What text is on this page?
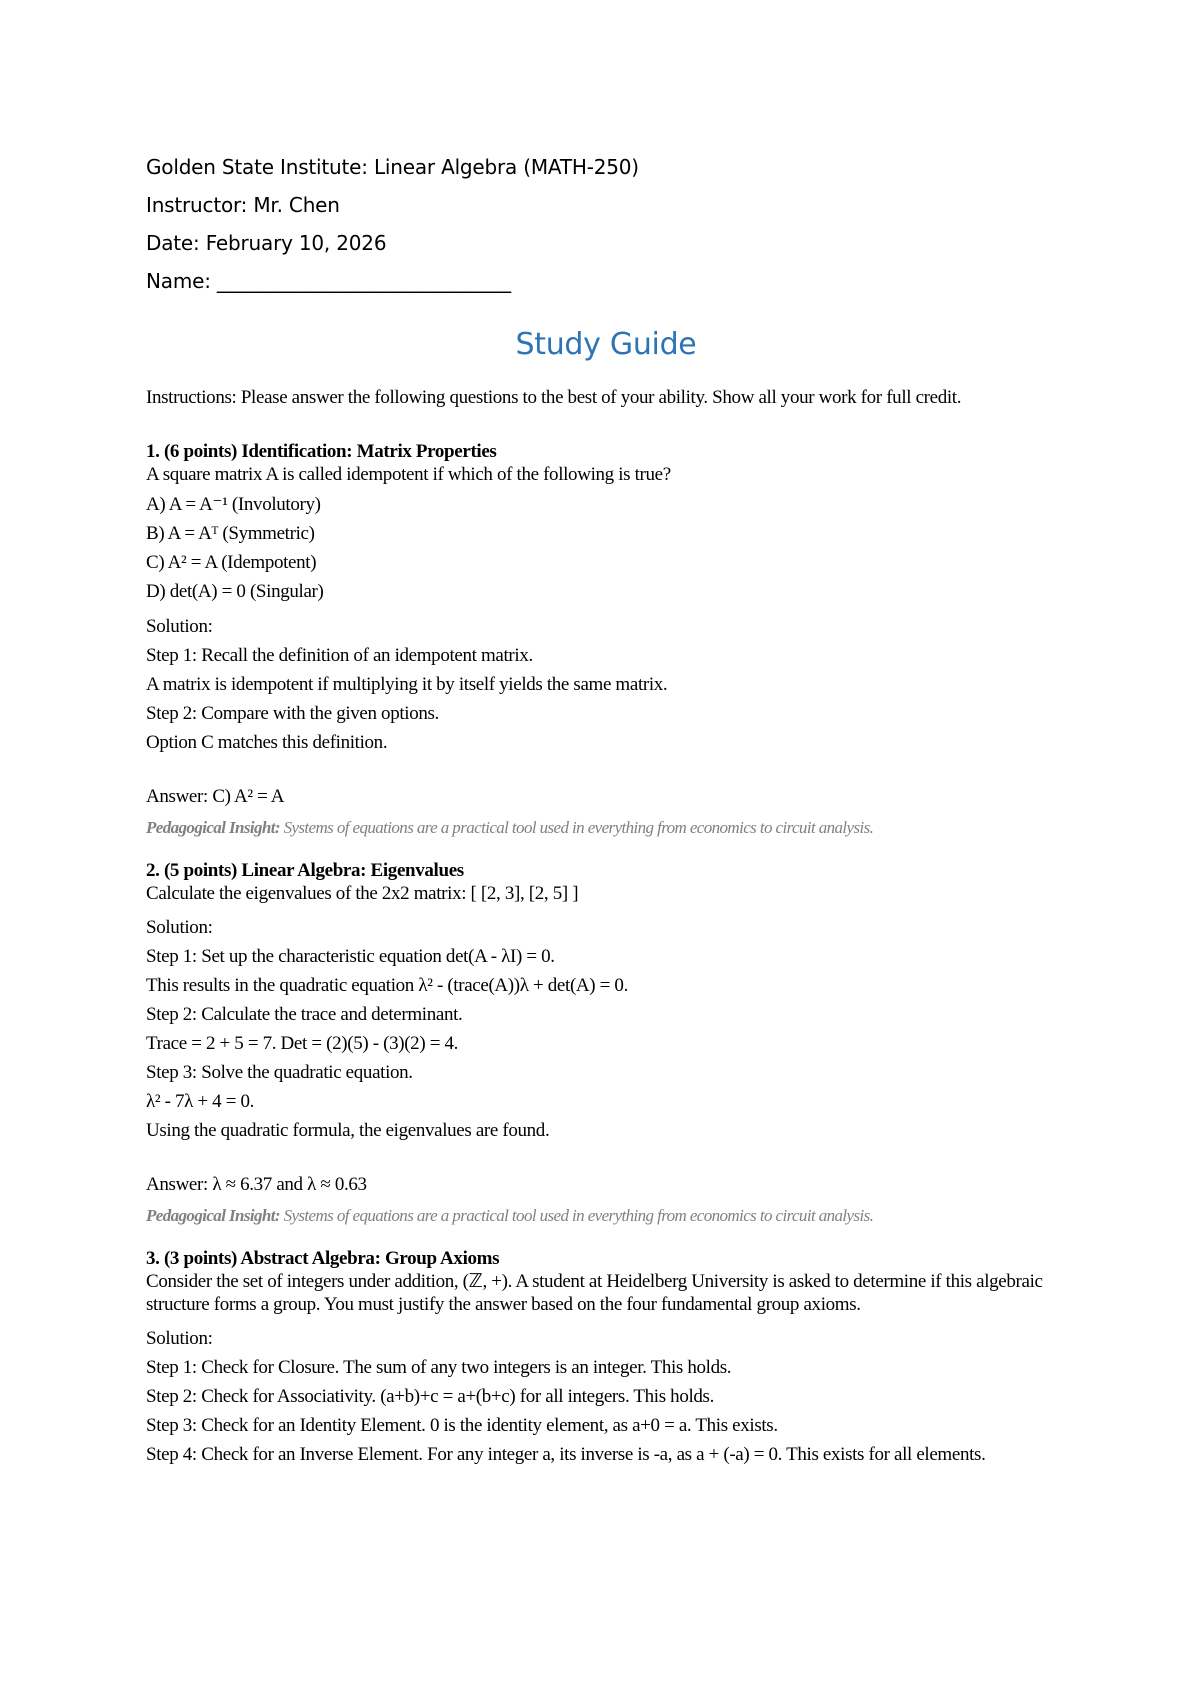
Golden State Institute: Linear Algebra (MATH-250)
Instructor: Mr. Chen
Date: February 10, 2026
Name: ______________________________
Study Guide
Instructions: Please answer the following questions to the best of your ability. Show all your work for full credit.
1. (6 points) Identification: Matrix Properties
A square matrix A is called idempotent if which of the following is true?
A) A = A⁻¹ (Involutory)
B) A = Aᵀ (Symmetric)
C) A² = A (Idempotent)
D) det(A) = 0 (Singular)
Solution:
Step 1: Recall the definition of an idempotent matrix.
A matrix is idempotent if multiplying it by itself yields the same matrix.
Step 2: Compare with the given options.
Option C matches this definition.
Answer: C) A² = A
Pedagogical Insight: Systems of equations are a practical tool used in everything from economics to circuit analysis.
2. (5 points) Linear Algebra: Eigenvalues
Calculate the eigenvalues of the 2x2 matrix: [ [2, 3], [2, 5] ]
Solution:
Step 1: Set up the characteristic equation det(A - λI) = 0.
This results in the quadratic equation λ² - (trace(A))λ + det(A) = 0.
Step 2: Calculate the trace and determinant.
Trace = 2 + 5 = 7. Det = (2)(5) - (3)(2) = 4.
Step 3: Solve the quadratic equation.
λ² - 7λ + 4 = 0.
Using the quadratic formula, the eigenvalues are found.
Answer: λ ≈ 6.37 and λ ≈ 0.63
Pedagogical Insight: Systems of equations are a practical tool used in everything from economics to circuit analysis.
3. (3 points) Abstract Algebra: Group Axioms
Consider the set of integers under addition, (ℤ, +). A student at Heidelberg University is asked to determine if this algebraic structure forms a group. You must justify the answer based on the four fundamental group axioms.
Solution:
Step 1: Check for Closure. The sum of any two integers is an integer. This holds.
Step 2: Check for Associativity. (a+b)+c = a+(b+c) for all integers. This holds.
Step 3: Check for an Identity Element. 0 is the identity element, as a+0 = a. This exists.
Step 4: Check for an Inverse Element. For any integer a, its inverse is -a, as a + (-a) = 0. This exists for all elements.
